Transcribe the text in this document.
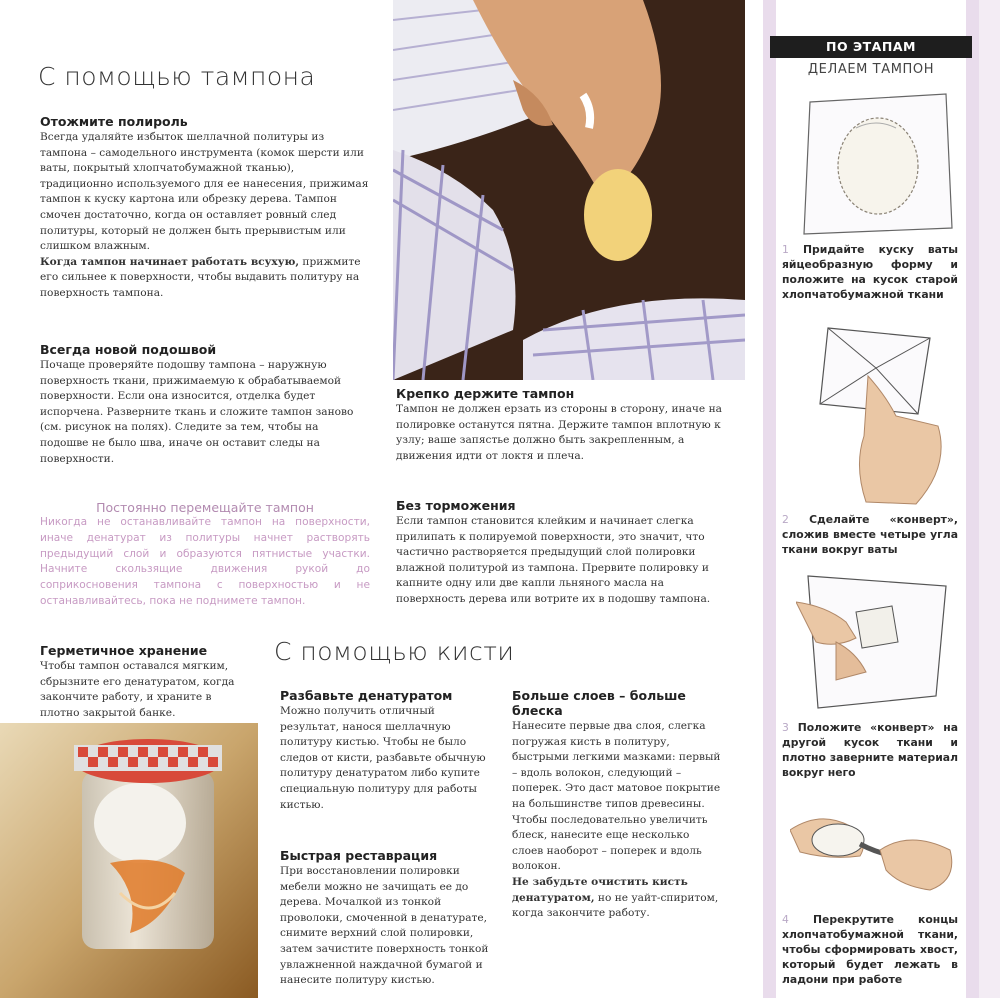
С помощью тампона
Отожмите полироль

Всегда удаляйте избыток шеллачной политуры из тампона – самодельного инструмента (комок шерсти или ваты, покрытый хлопчатобумажной тканью), традиционно используемого для ее нанесения, прижимая тампон к куску картона или обрезку дерева. Тампон смочен достаточно, когда он оставляет ровный след политуры, который не должен быть прерывистым или слишком влажным.
Когда тампон начинает работать всухую, прижмите его сильнее к поверхности, чтобы выдавить политуру на поверхность тампона.

Всегда новой подошвой

Почаще проверяйте подошву тампона – наружную поверхность ткани, прижимаемую к обрабатываемой поверхности. Если она износится, отделка будет испорчена. Разверните ткань и сложите тампон заново (см. рисунок на полях). Следите за тем, чтобы на подошве не было шва, иначе он оставит следы на поверхности.

Постоянно перемещайте тампон
Никогда не останавливайте тампон на поверхности, иначе денатурат из политуры начнет растворять предыдущий слой и образуются пятнистые участки. Начните скользящие движения рукой до соприкосновения тампона с поверхностью и не останавливайтесь, пока не поднимете тампон.
Герметичное хранение

Чтобы тампон оставался мягким, сбрызните его денатуратом, когда закончите работу, и храните в плотно закрытой банке.

Крепко держите тампон

Тампон не должен ерзать из стороны в сторону, иначе на полировке останутся пятна. Держите тампон вплотную к узлу; ваше запястье должно быть закрепленным, а движения идти от локтя и плеча.

Без торможения

Если тампон становится клейким и начинает слегка прилипать к полируемой поверхности, это значит, что частично растворяется предыдущий слой полировки влажной политурой из тампона. Прервите полировку и капните одну или две капли льняного масла на поверхность дерева или вотрите их в подошву тампона.

С помощью кисти
Разбавьте денатуратом

Можно получить отличный результат, нанося шеллачную политуру кистью. Чтобы не было следов от кисти, разбавьте обычную политуру денатуратом либо купите специальную политуру для работы кистью.

Быстрая реставрация

При восстановлении полировки мебели можно не зачищать ее до дерева. Мочалкой из тонкой проволоки, смоченной в денатурате, снимите верхний слой полировки, затем зачистите поверхность тонкой увлажненной наждачной бумагой и нанесите политуру кистью.

Больше слоев – больше блеска

Нанесите первые два слоя, слегка погружая кисть в политуру, быстрыми легкими мазками: первый – вдоль волокон, следующий – поперек. Это даст матовое покрытие на большинстве типов древесины. Чтобы последовательно увеличить блеск, нанесите еще несколько слоев наоборот – поперек и вдоль волокон.
Не забудьте очистить кисть денатуратом, но не уайт-спиритом, когда закончите работу.

ПО ЭТАПАМ
ДЕЛАЕМ ТАМПОН
1 Придайте куску ваты яйцеобразную форму и положите на кусок старой хлопчатобумажной ткани
2 Сделайте «конверт», сложив вместе четыре угла ткани вокруг ваты
3 Положите «конверт» на другой кусок ткани и плотно заверните материал вокруг него
4 Перекрутите концы хлопчатобумажной ткани, чтобы сформировать хвост, который будет лежать в ладони при работе
